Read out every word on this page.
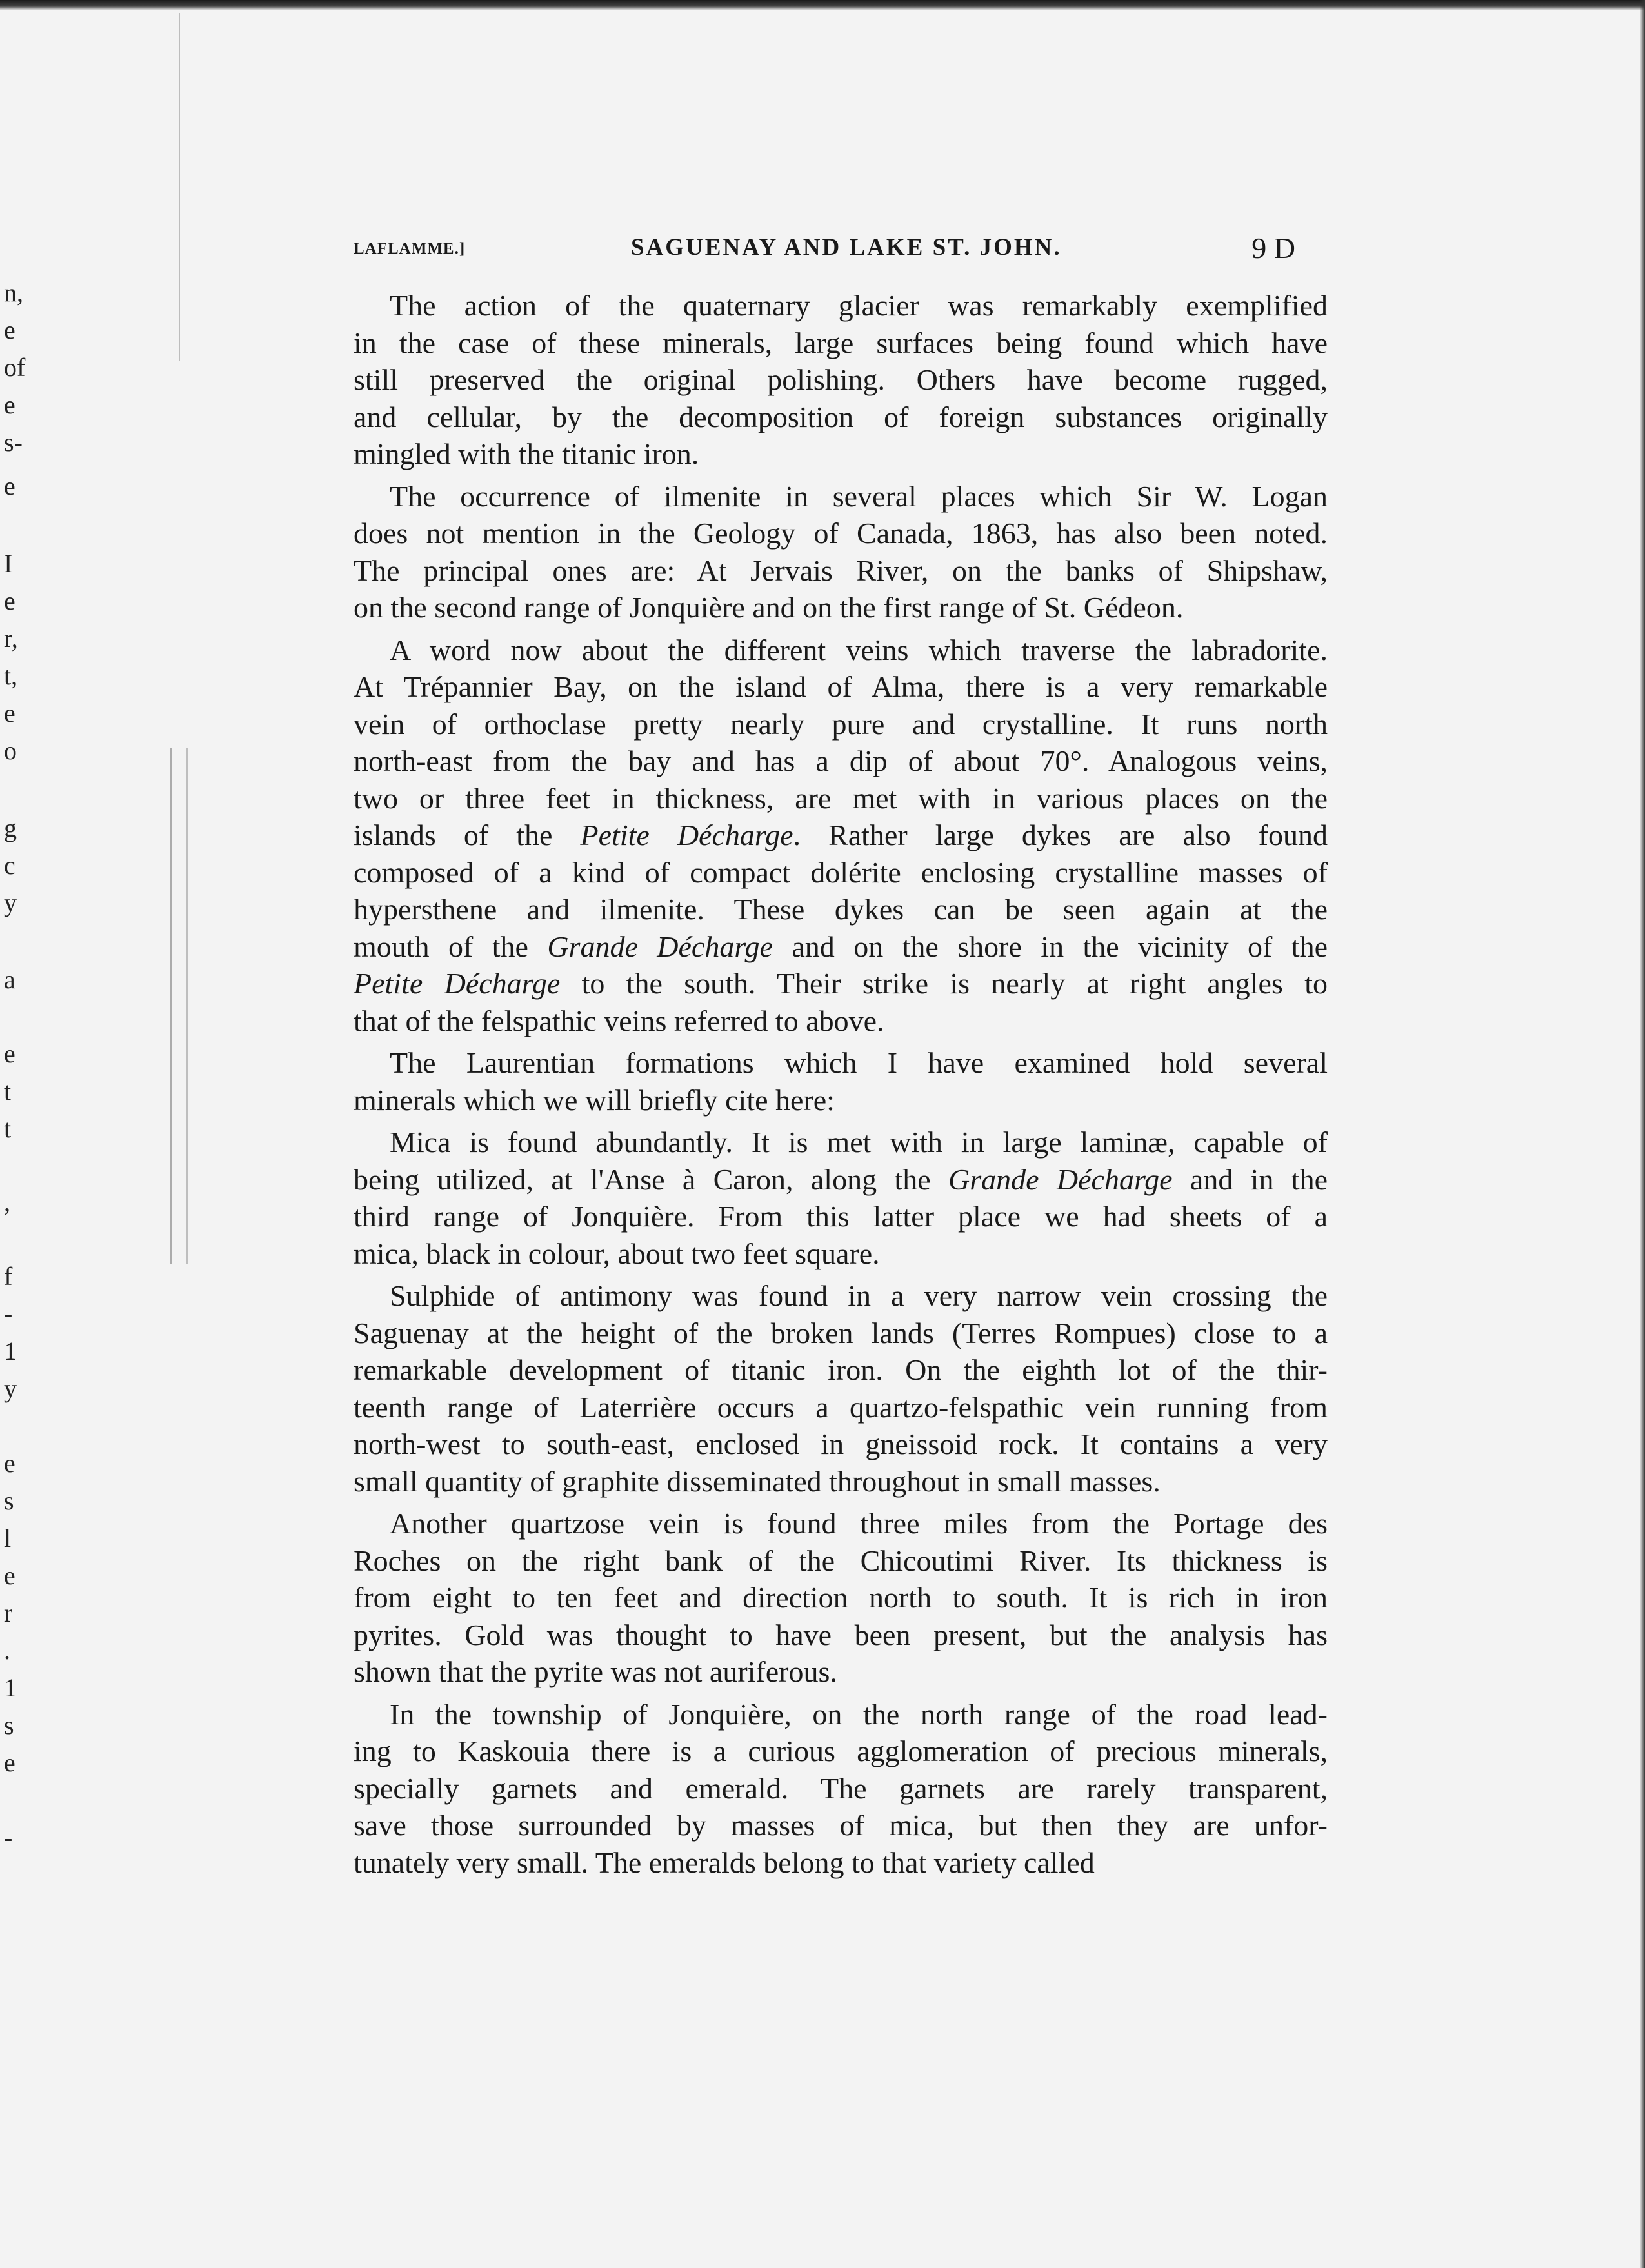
n,
e
of
e
s-
e
I
e
r,
t,
e
o
g
c
y
a
e
t
t
,
f
-
1
y
e
s
l
e
r
.
1
s
e
-
LAFLAMME.]	SAGUENAY AND LAKE ST. JOHN.	9 D

The action of the quaternary glacier was remarkably exemplified
in the case of these minerals, large surfaces being found which have
still preserved the original polishing. Others have become rugged,
and cellular, by the decomposition of foreign substances originally
mingled with the titanic iron.

The occurrence of ilmenite in several places which Sir W. Logan
does not mention in the Geology of Canada, 1863, has also been noted.
The principal ones are: At Jervais River, on the banks of Shipshaw,
on the second range of Jonquière and on the first range of St. Gédeon.

A word now about the different veins which traverse the labradorite.
At Trépannier Bay, on the island of Alma, there is a very remarkable
vein of orthoclase pretty nearly pure and crystalline. It runs north
north-east from the bay and has a dip of about 70°. Analogous veins,
two or three feet in thickness, are met with in various places on the
islands of the Petite Décharge. Rather large dykes are also found
composed of a kind of compact dolérite enclosing crystalline masses of
hypersthene and ilmenite. These dykes can be seen again at the
mouth of the Grande Décharge and on the shore in the vicinity of the
Petite Décharge to the south. Their strike is nearly at right angles to
that of the felspathic veins referred to above.

The Laurentian formations which I have examined hold several
minerals which we will briefly cite here:

Mica is found abundantly. It is met with in large laminæ, capable of
being utilized, at l'Anse à Caron, along the Grande Décharge and in the
third range of Jonquière. From this latter place we had sheets of a
mica, black in colour, about two feet square.

Sulphide of antimony was found in a very narrow vein crossing the
Saguenay at the height of the broken lands (Terres Rompues) close to a
remarkable development of titanic iron. On the eighth lot of the thir-
teenth range of Laterrière occurs a quartzo-felspathic vein running from
north-west to south-east, enclosed in gneissoid rock. It contains a very
small quantity of graphite disseminated throughout in small masses.

Another quartzose vein is found three miles from the Portage des
Roches on the right bank of the Chicoutimi River. Its thickness is
from eight to ten feet and direction north to south. It is rich in iron
pyrites. Gold was thought to have been present, but the analysis has
shown that the pyrite was not auriferous.

In the township of Jonquière, on the north range of the road lead-
ing to Kaskouia there is a curious agglomeration of precious minerals,
specially garnets and emerald. The garnets are rarely transparent,
save those surrounded by masses of mica, but then they are unfor-
tunately very small. The emeralds belong to that variety called
